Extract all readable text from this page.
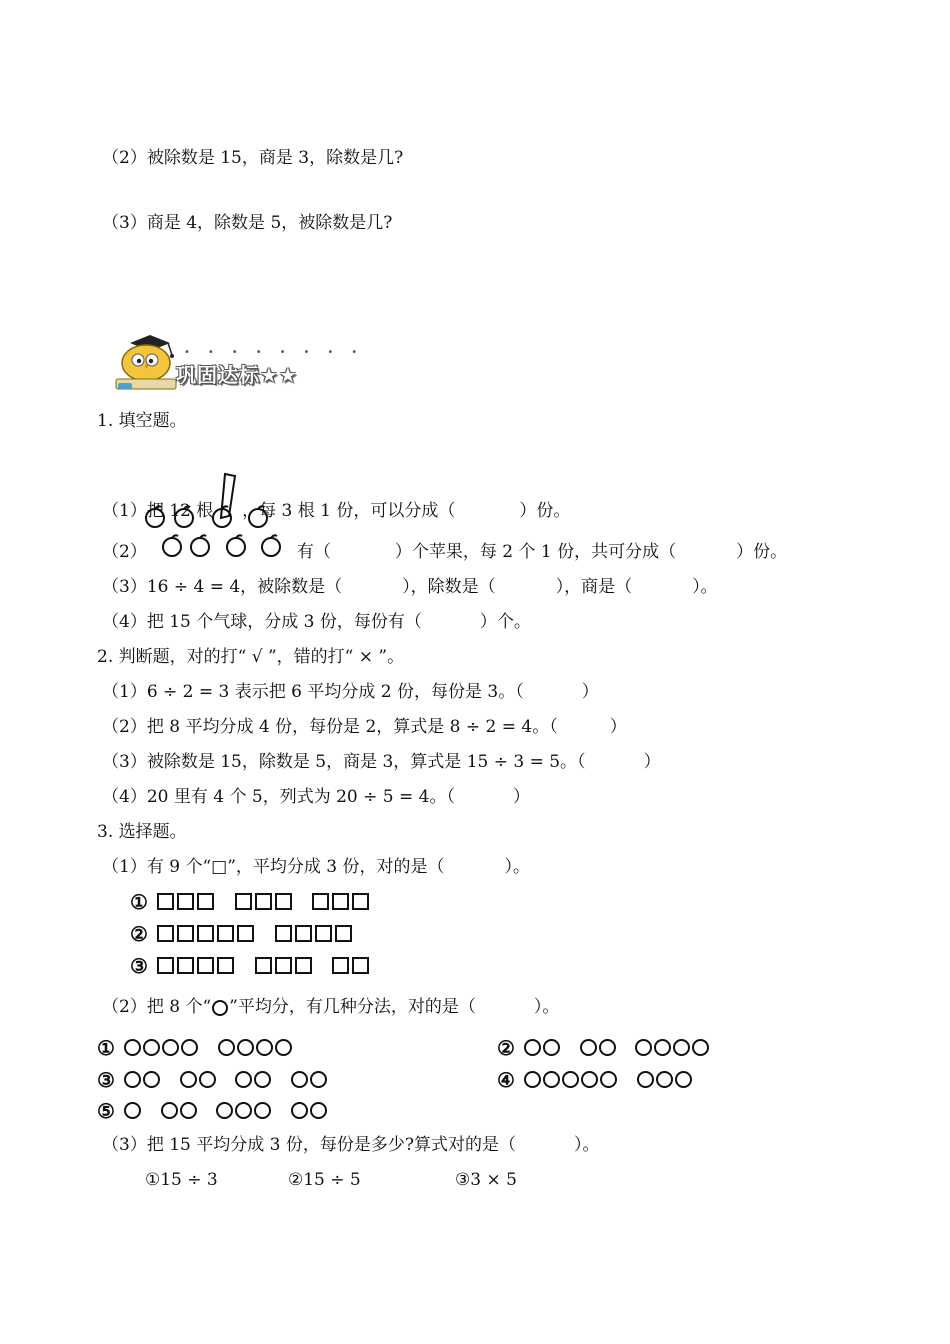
（2）被除数是 15，商是 3，除数是几?
（3）商是 4，除数是 5，被除数是几?
••••••••
巩固达标★★
1. 填空题。
（1）把 12 根 ，每 3 根 1 份，可以分成（	）份。
（2）	有（	）个苹果，每 2 个 1 份，共可分成（	）份。
（3）16 ÷ 4 = 4，被除数是（	），除数是（	），商是（	）。
（4）把 15 个气球，分成 3 份，每份有（	）个。
2. 判断题，对的打“ √ ”，错的打“ × ”。
（1）6 ÷ 2 = 3 表示把 6 平均分成 2 份，每份是 3。（	）
（2）把 8 平均分成 4 份，每份是 2，算式是 8 ÷ 2 = 4。（	）
（3）被除数是 15，除数是 5，商是 3，算式是 15 ÷ 3 = 5。（	）
（4）20 里有 4 个 5，列式为 20 ÷ 5 = 4。（	）
3. 选择题。
（1）有 9 个“□”，平均分成 3 份，对的是（	）。
①
②
③
（2）把 8 个“ ”平均分，有几种分法，对的是（	）。
①	②
③	④
⑤
（3）把 15 平均分成 3 份，每份是多少?算式对的是（	）。
①15 ÷ 3	②15 ÷ 5	③3 × 5
